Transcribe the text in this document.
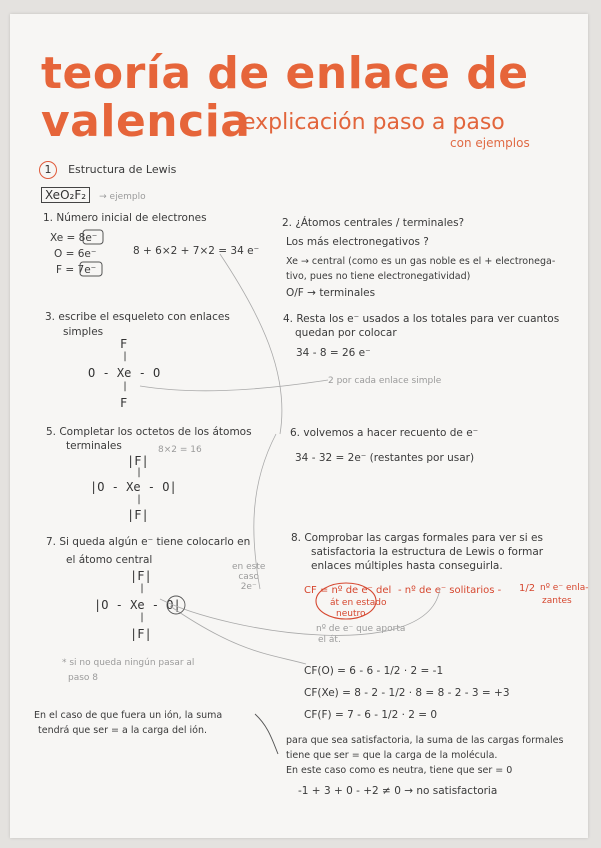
teoría de enlace de
valencia
explicación paso a paso
con ejemplos
1 Estructura de Lewis
XeO₂F₂ → ejemplo
1. Número inicial de electrones
Xe = 8e⁻
O = 6e⁻
F = 7e⁻
8 + 6×2 + 7×2 = 34 e⁻
2. ¿Átomos centrales / terminales?
Los más electronegativos ?
Xe → central (como es un gas noble es el + electronega-
tivo, pues no tiene electronegatividad)
O/F → terminales
3. escribe el esqueleto con enlaces
simples
F
|
O - Xe - O
|
F
4. Resta los e⁻ usados a los totales para ver cuantos
quedan por colocar
34 - 8 = 26 e⁻
2 por cada enlace simple
5. Completar los octetos de los átomos
terminales	8×2 = 16
|F|
|
|O - Xe - O|
|
|F|
6. volvemos a hacer recuento de e⁻
34 - 32 = 2e⁻ (restantes por usar)
7. Si queda algún e⁻ tiene colocarlo en
el átomo central
en este
caso
2e⁻
|F|
|
|O - Xe - O|
|
|F|
* si no queda ningún pasar al
paso 8
8. Comprobar las cargas formales para ver si es
satisfactoria la estructura de Lewis o formar
enlaces múltiples hasta conseguirla.
CF = nº de e⁻ del - nº de e⁻ solitarios - 1/2 nº e⁻ enla-
zantes
át en estado
neutro
nº de e⁻ que aporta
el át.
CF(O) = 6 - 6 - 1/2 · 2 = -1
CF(Xe) = 8 - 2 - 1/2 · 8 = 8 - 2 - 3 = +3
CF(F) = 7 - 6 - 1/2 · 2 = 0
para que sea satisfactoria, la suma de las cargas formales
tiene que ser = que la carga de la molécula.
En este caso como es neutra, tiene que ser = 0
-1 + 3 + 0 - +2 ≠ 0 → no satisfactoria
En el caso de que fuera un ión, la suma
tendrá que ser = a la carga del ión.
